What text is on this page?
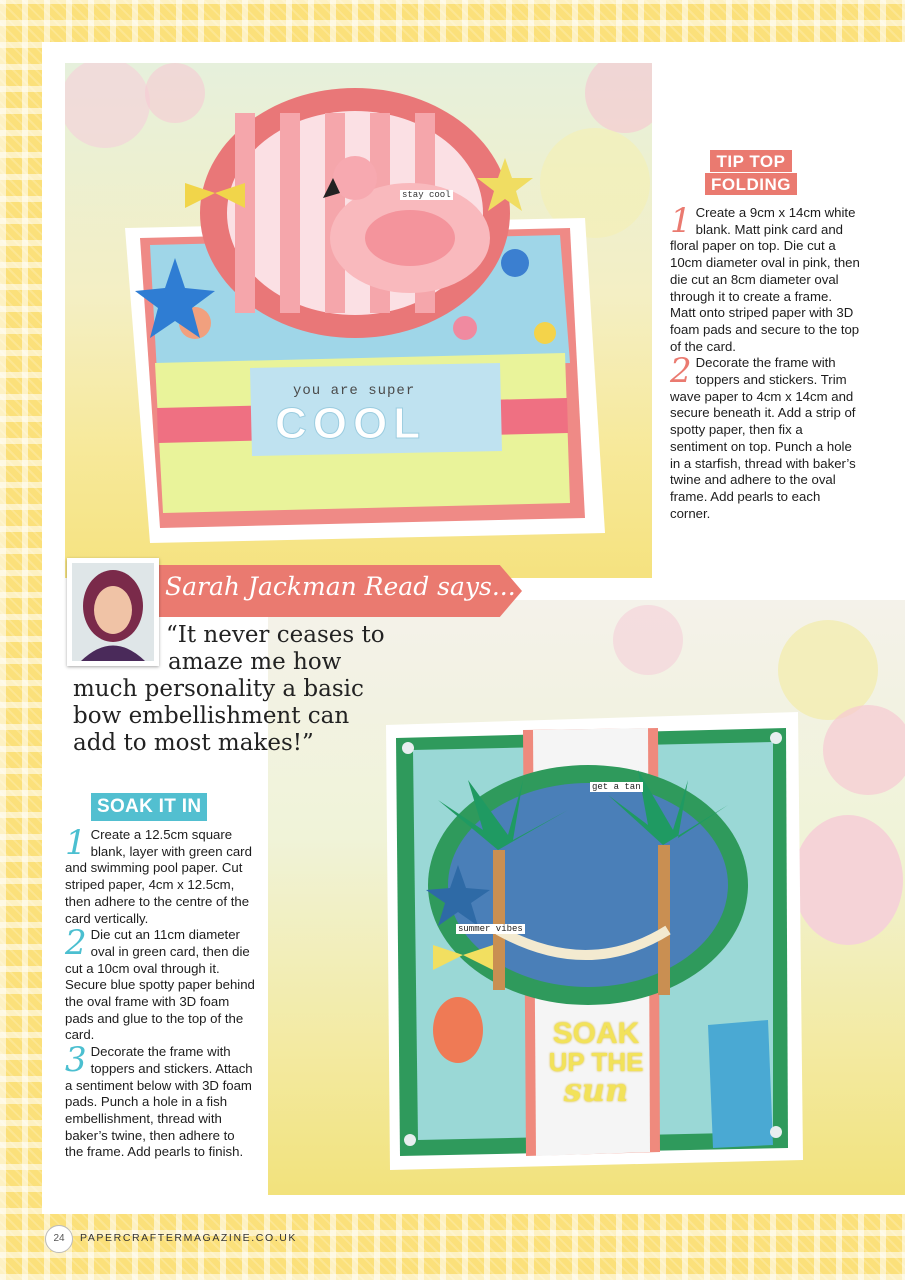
stay cool
you are super
COOL
TIP TOP
FOLDING
1 Create a 9cm x 14cm white blank. Matt pink card and floral paper on top. Die cut a 10cm diameter oval in pink, then die cut an 8cm diameter oval through it to create a frame. Matt onto striped paper with 3D foam pads and secure to the top of the card.
2 Decorate the frame with toppers and stickers. Trim wave paper to 4cm x 14cm and secure beneath it. Add a strip of spotty paper, then fix a sentiment on top. Punch a hole in a starfish, thread with baker’s twine and adhere to the oval frame. Add pearls to each corner.
get a tan
summer vibes
SOAK
UP THE
sun
Sarah Jackman Read says...
“It never ceases to
amaze me how
much personality a basic
bow embellishment can
add to most makes!”
SOAK IT IN
1 Create a 12.5cm square blank, layer with green card and swimming pool paper. Cut striped paper, 4cm x 12.5cm, then adhere to the centre of the card vertically.
2 Die cut an 11cm diameter oval in green card, then die cut a 10cm oval through it. Secure blue spotty paper behind the oval frame with 3D foam pads and glue to the top of the card.
3 Decorate the frame with toppers and stickers. Attach a sentiment below with 3D foam pads. Punch a hole in a fish embellishment, thread with baker’s twine, then adhere to the frame. Add pearls to finish.
24	PAPERCRAFTERMAGAZINE.CO.UK
